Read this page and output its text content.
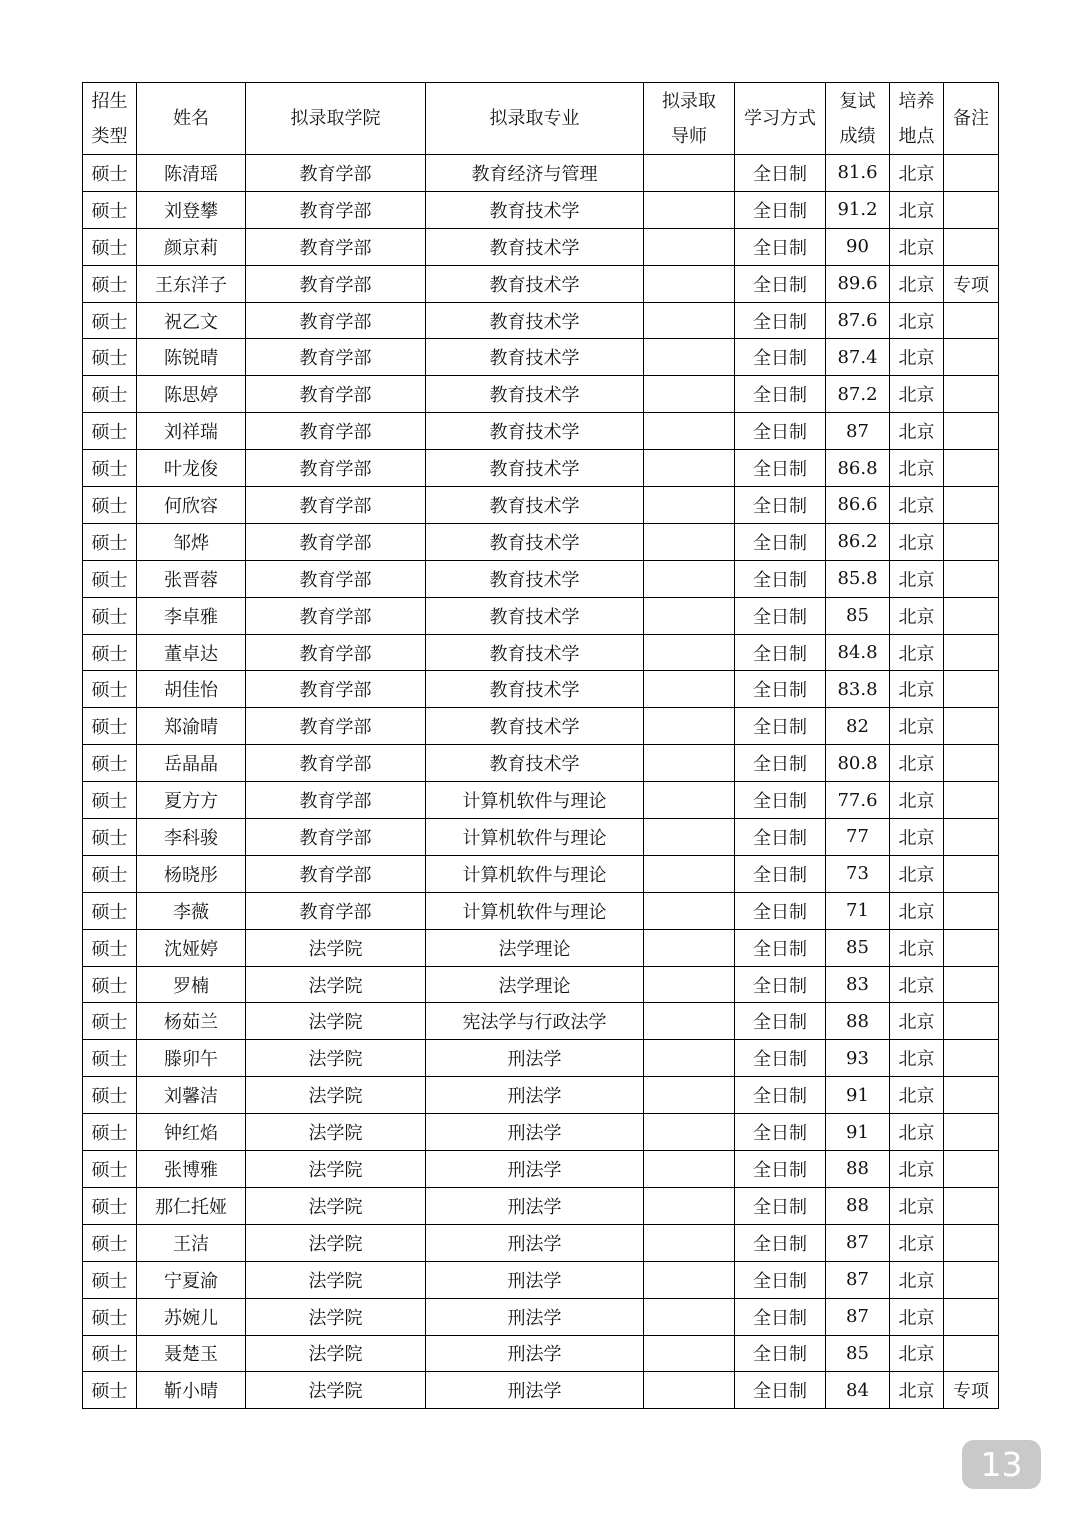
招生类型	姓名	拟录取学院	拟录取专业	拟录取导师	学习方式	复试成绩	培养地点	备注
硕士	陈清瑶	教育学部	教育经济与管理		全日制	81.6	北京	
硕士	刘登攀	教育学部	教育技术学		全日制	91.2	北京	
硕士	颜京莉	教育学部	教育技术学		全日制	90	北京	
硕士	王东洋子	教育学部	教育技术学		全日制	89.6	北京	专项
硕士	祝乙文	教育学部	教育技术学		全日制	87.6	北京	
硕士	陈锐晴	教育学部	教育技术学		全日制	87.4	北京	
硕士	陈思婷	教育学部	教育技术学		全日制	87.2	北京	
硕士	刘祥瑞	教育学部	教育技术学		全日制	87	北京	
硕士	叶龙俊	教育学部	教育技术学		全日制	86.8	北京	
硕士	何欣容	教育学部	教育技术学		全日制	86.6	北京	
硕士	邹烨	教育学部	教育技术学		全日制	86.2	北京	
硕士	张晋蓉	教育学部	教育技术学		全日制	85.8	北京	
硕士	李卓雅	教育学部	教育技术学		全日制	85	北京	
硕士	董卓达	教育学部	教育技术学		全日制	84.8	北京	
硕士	胡佳怡	教育学部	教育技术学		全日制	83.8	北京	
硕士	郑渝晴	教育学部	教育技术学		全日制	82	北京	
硕士	岳晶晶	教育学部	教育技术学		全日制	80.8	北京	
硕士	夏方方	教育学部	计算机软件与理论		全日制	77.6	北京	
硕士	李科骏	教育学部	计算机软件与理论		全日制	77	北京	
硕士	杨晓彤	教育学部	计算机软件与理论		全日制	73	北京	
硕士	李薇	教育学部	计算机软件与理论		全日制	71	北京	
硕士	沈娅婷	法学院	法学理论		全日制	85	北京	
硕士	罗楠	法学院	法学理论		全日制	83	北京	
硕士	杨茹兰	法学院	宪法学与行政法学		全日制	88	北京	
硕士	滕卯午	法学院	刑法学		全日制	93	北京	
硕士	刘馨洁	法学院	刑法学		全日制	91	北京	
硕士	钟红焰	法学院	刑法学		全日制	91	北京	
硕士	张博雅	法学院	刑法学		全日制	88	北京	
硕士	那仁托娅	法学院	刑法学		全日制	88	北京	
硕士	王洁	法学院	刑法学		全日制	87	北京	
硕士	宁夏渝	法学院	刑法学		全日制	87	北京	
硕士	苏婉儿	法学院	刑法学		全日制	87	北京	
硕士	聂楚玉	法学院	刑法学		全日制	85	北京	
硕士	靳小晴	法学院	刑法学		全日制	84	北京	专项
13
